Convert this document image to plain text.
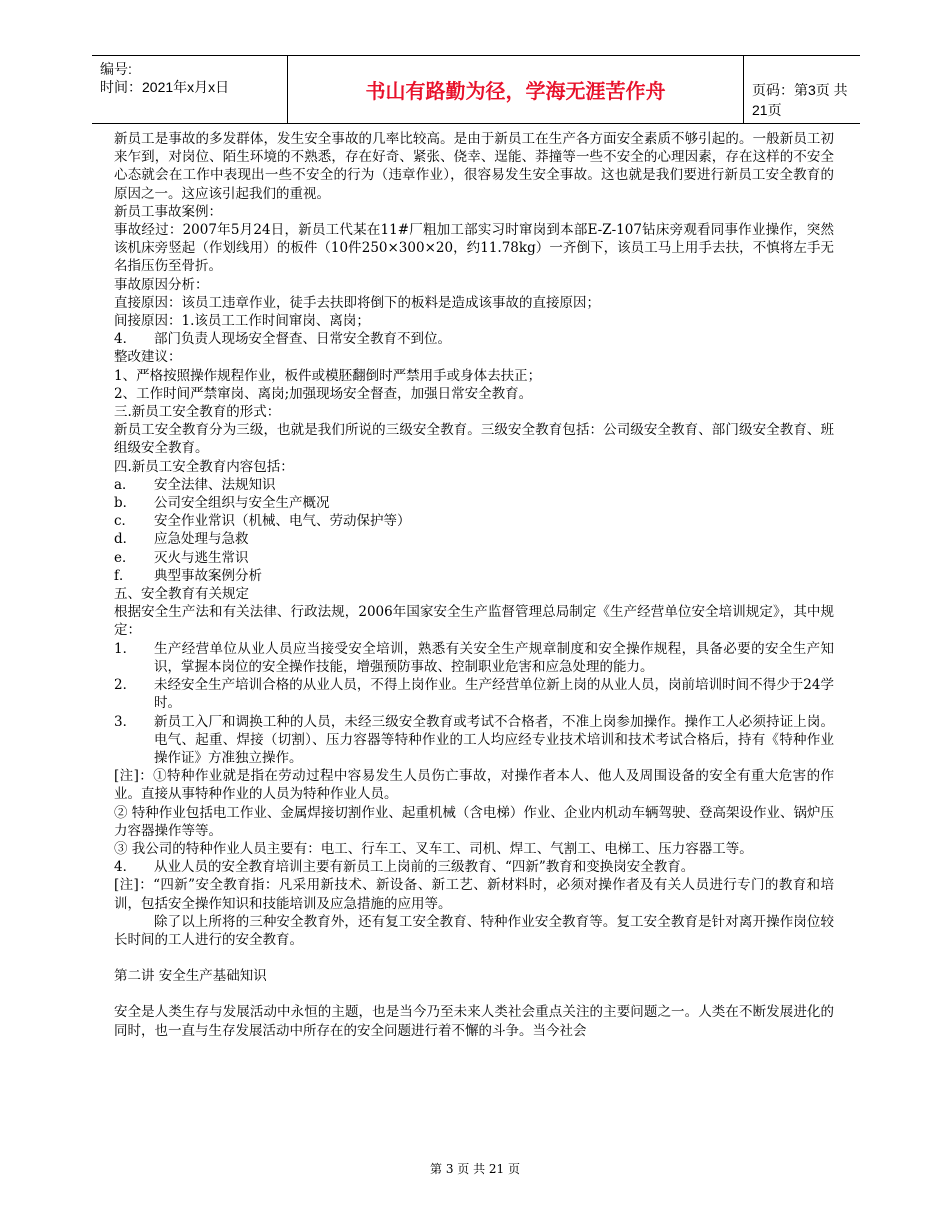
编号:
时间：2021年x月x日	书山有路勤为径，学海无涯苦作舟	页码：第3页 共21页

新员工是事故的多发群体，发生安全事故的几率比较高。是由于新员工在生产各方面安全素质不够引起的。一般新员工初来乍到，对岗位、陌生环境的不熟悉，存在好奇、紧张、侥幸、逞能、莽撞等一些不安全的心理因素，存在这样的不安全心态就会在工作中表现出一些不安全的行为（违章作业），很容易发生安全事故。这也就是我们要进行新员工安全教育的原因之一。这应该引起我们的重视。

新员工事故案例：

事故经过：2007年5月24日，新员工代某在11#厂粗加工部实习时窜岗到本部E-Z-107钻床旁观看同事作业操作，突然该机床旁竖起（作划线用）的板件（10件250×300×20，约11.78kg）一齐倒下，该员工马上用手去扶，不慎将左手无名指压伤至骨折。

事故原因分析：

直接原因：该员工违章作业，徒手去扶即将倒下的板料是造成该事故的直接原因；

间接原因：1.该员工工作时间窜岗、离岗；

4．	部门负责人现场安全督查、日常安全教育不到位。

整改建议：

1、严格按照操作规程作业，板件或模胚翻倒时严禁用手或身体去扶正；

2、工作时间严禁窜岗、离岗;加强现场安全督查，加强日常安全教育。

三.新员工安全教育的形式：

新员工安全教育分为三级，也就是我们所说的三级安全教育。三级安全教育包括：公司级安全教育、部门级安全教育、班组级安全教育。

四.新员工安全教育内容包括：

a．	安全法律、法规知识
b．	公司安全组织与安全生产概况
c．	安全作业常识（机械、电气、劳动保护等）
d．	应急处理与急救
e．	灭火与逃生常识
f．	典型事故案例分析

五、安全教育有关规定

根据安全生产法和有关法律、行政法规，2006年国家安全生产监督管理总局制定《生产经营单位安全培训规定》，其中规定：

1．	生产经营单位从业人员应当接受安全培训，熟悉有关安全生产规章制度和安全操作规程，具备必要的安全生产知识，掌握本岗位的安全操作技能，增强预防事故、控制职业危害和应急处理的能力。
2．	未经安全生产培训合格的从业人员，不得上岗作业。生产经营单位新上岗的从业人员，岗前培训时间不得少于24学时。
3．	新员工入厂和调换工种的人员，未经三级安全教育或考试不合格者，不准上岗参加操作。操作工人必须持证上岗。电气、起重、焊接（切割）、压力容器等特种作业的工人均应经专业技术培训和技术考试合格后，持有《特种作业操作证》方准独立操作。

[注]：①特种作业就是指在劳动过程中容易发生人员伤亡事故，对操作者本人、他人及周围设备的安全有重大危害的作业。直接从事特种作业的人员为特种作业人员。

② 特种作业包括电工作业、金属焊接切割作业、起重机械（含电梯）作业、企业内机动车辆驾驶、登高架设作业、锅炉压力容器操作等等。

③ 我公司的特种作业人员主要有：电工、行车工、叉车工、司机、焊工、气割工、电梯工、压力容器工等。

4．	从业人员的安全教育培训主要有新员工上岗前的三级教育、“四新”教育和变换岗安全教育。

[注]：“四新”安全教育指：凡采用新技术、新设备、新工艺、新材料时，必须对操作者及有关人员进行专门的教育和培训，包括安全操作知识和技能培训及应急措施的应用等。

除了以上所将的三种安全教育外，还有复工安全教育、特种作业安全教育等。复工安全教育是针对离开操作岗位较长时间的工人进行的安全教育。

第二讲 安全生产基础知识

安全是人类生存与发展活动中永恒的主题，也是当今乃至未来人类社会重点关注的主要问题之一。人类在不断发展进化的同时，也一直与生存发展活动中所存在的安全问题进行着不懈的斗争。当今社会

第 3 页 共 21 页
